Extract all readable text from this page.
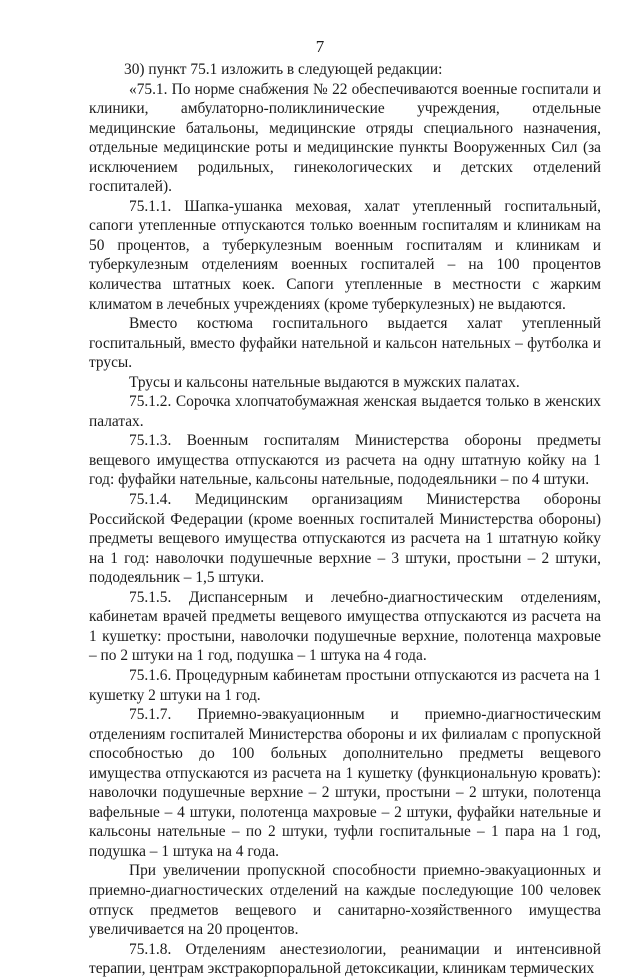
7

30) пункт 75.1 изложить в следующей редакции:

«75.1. По норме снабжения № 22 обеспечиваются военные госпитали и клиники, амбулаторно-поликлинические учреждения, отдельные медицинские батальоны, медицинские отряды специального назначения, отдельные медицинские роты и медицинские пункты Вооруженных Сил (за исключением родильных, гинекологических и детских отделений госпиталей).

75.1.1. Шапка-ушанка меховая, халат утепленный госпитальный, сапоги утепленные отпускаются только военным госпиталям и клиникам на 50 процентов, а туберкулезным военным госпиталям и клиникам и туберкулезным отделениям военных госпиталей – на 100 процентов количества штатных коек. Сапоги утепленные в местности с жарким климатом в лечебных учреждениях (кроме туберкулезных) не выдаются.

Вместо костюма госпитального выдается халат утепленный госпитальный, вместо фуфайки нательной и кальсон нательных – футболка и трусы.

Трусы и кальсоны нательные выдаются в мужских палатах.

75.1.2. Сорочка хлопчатобумажная женская выдается только в женских палатах.

75.1.3. Военным госпиталям Министерства обороны предметы вещевого имущества отпускаются из расчета на одну штатную койку на 1 год: фуфайки нательные, кальсоны нательные, пододеяльники – по 4 штуки.

75.1.4. Медицинским организациям Министерства обороны Российской Федерации (кроме военных госпиталей Министерства обороны) предметы вещевого имущества отпускаются из расчета на 1 штатную койку на 1 год: наволочки подушечные верхние – 3 штуки, простыни – 2 штуки, пододеяльник – 1,5 штуки.

75.1.5. Диспансерным и лечебно-диагностическим отделениям, кабинетам врачей предметы вещевого имущества отпускаются из расчета на 1 кушетку: простыни, наволочки подушечные верхние, полотенца махровые – по 2 штуки на 1 год, подушка – 1 штука на 4 года.

75.1.6. Процедурным кабинетам простыни отпускаются из расчета на 1 кушетку 2 штуки на 1 год.

75.1.7. Приемно-эвакуационным и приемно-диагностическим отделениям госпиталей Министерства обороны и их филиалам с пропускной способностью до 100 больных дополнительно предметы вещевого имущества отпускаются из расчета на 1 кушетку (функциональную кровать): наволочки подушечные верхние – 2 штуки, простыни – 2 штуки, полотенца вафельные – 4 штуки, полотенца махровые – 2 штуки, фуфайки нательные и кальсоны нательные – по 2 штуки, туфли госпитальные – 1 пара на 1 год, подушка – 1 штука на 4 года.

При увеличении пропускной способности приемно-эвакуационных и приемно-диагностических отделений на каждые последующие 100 человек отпуск предметов вещевого и санитарно-хозяйственного имущества увеличивается на 20 процентов.

75.1.8. Отделениям анестезиологии, реанимации и интенсивной терапии, центрам экстракорпоральной детоксикации, клиникам термических
